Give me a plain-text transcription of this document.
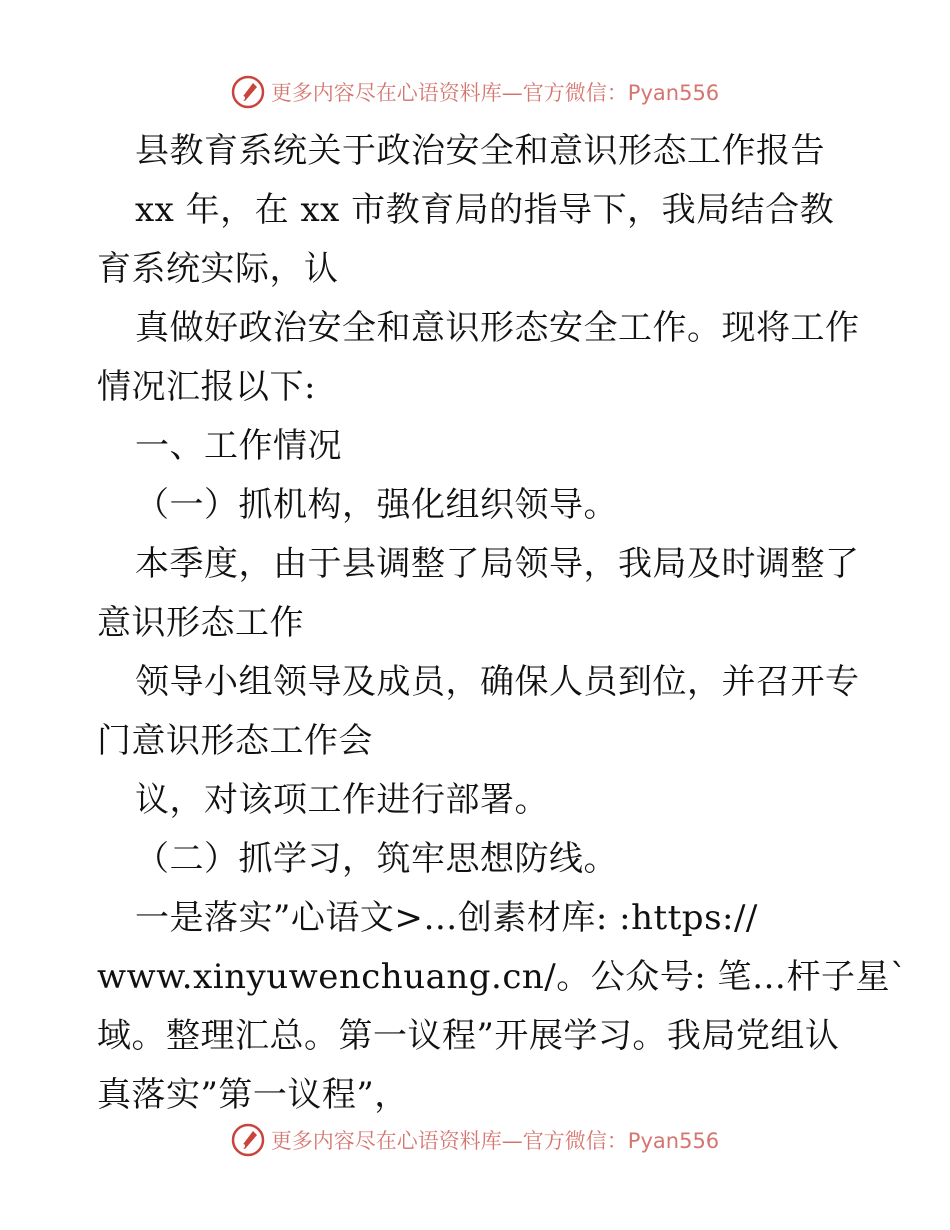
更多内容尽在心语资料库—官方微信：Pyan556
县教育系统关于政治安全和意识形态工作报告
xx 年，在 xx 市教育局的指导下，我局结合教
育系统实际，认
真做好政治安全和意识形态安全工作。现将工作
情况汇报以下:
一、工作情况
（一）抓机构，强化组织领导。
本季度，由于县调整了局领导，我局及时调整了
意识形态工作
领导小组领导及成员，确保人员到位，并召开专
门意识形态工作会
议，对该项工作进行部署。
（二）抓学习，筑牢思想防线。
一是落实”心语文>…创素材库: :https://
www.xinyuwenchuang.cn/。公众号: 笔…杆子星`
域。整理汇总。第一议程”开展学习。我局党组认
真落实”第一议程”，
更多内容尽在心语资料库—官方微信：Pyan556
